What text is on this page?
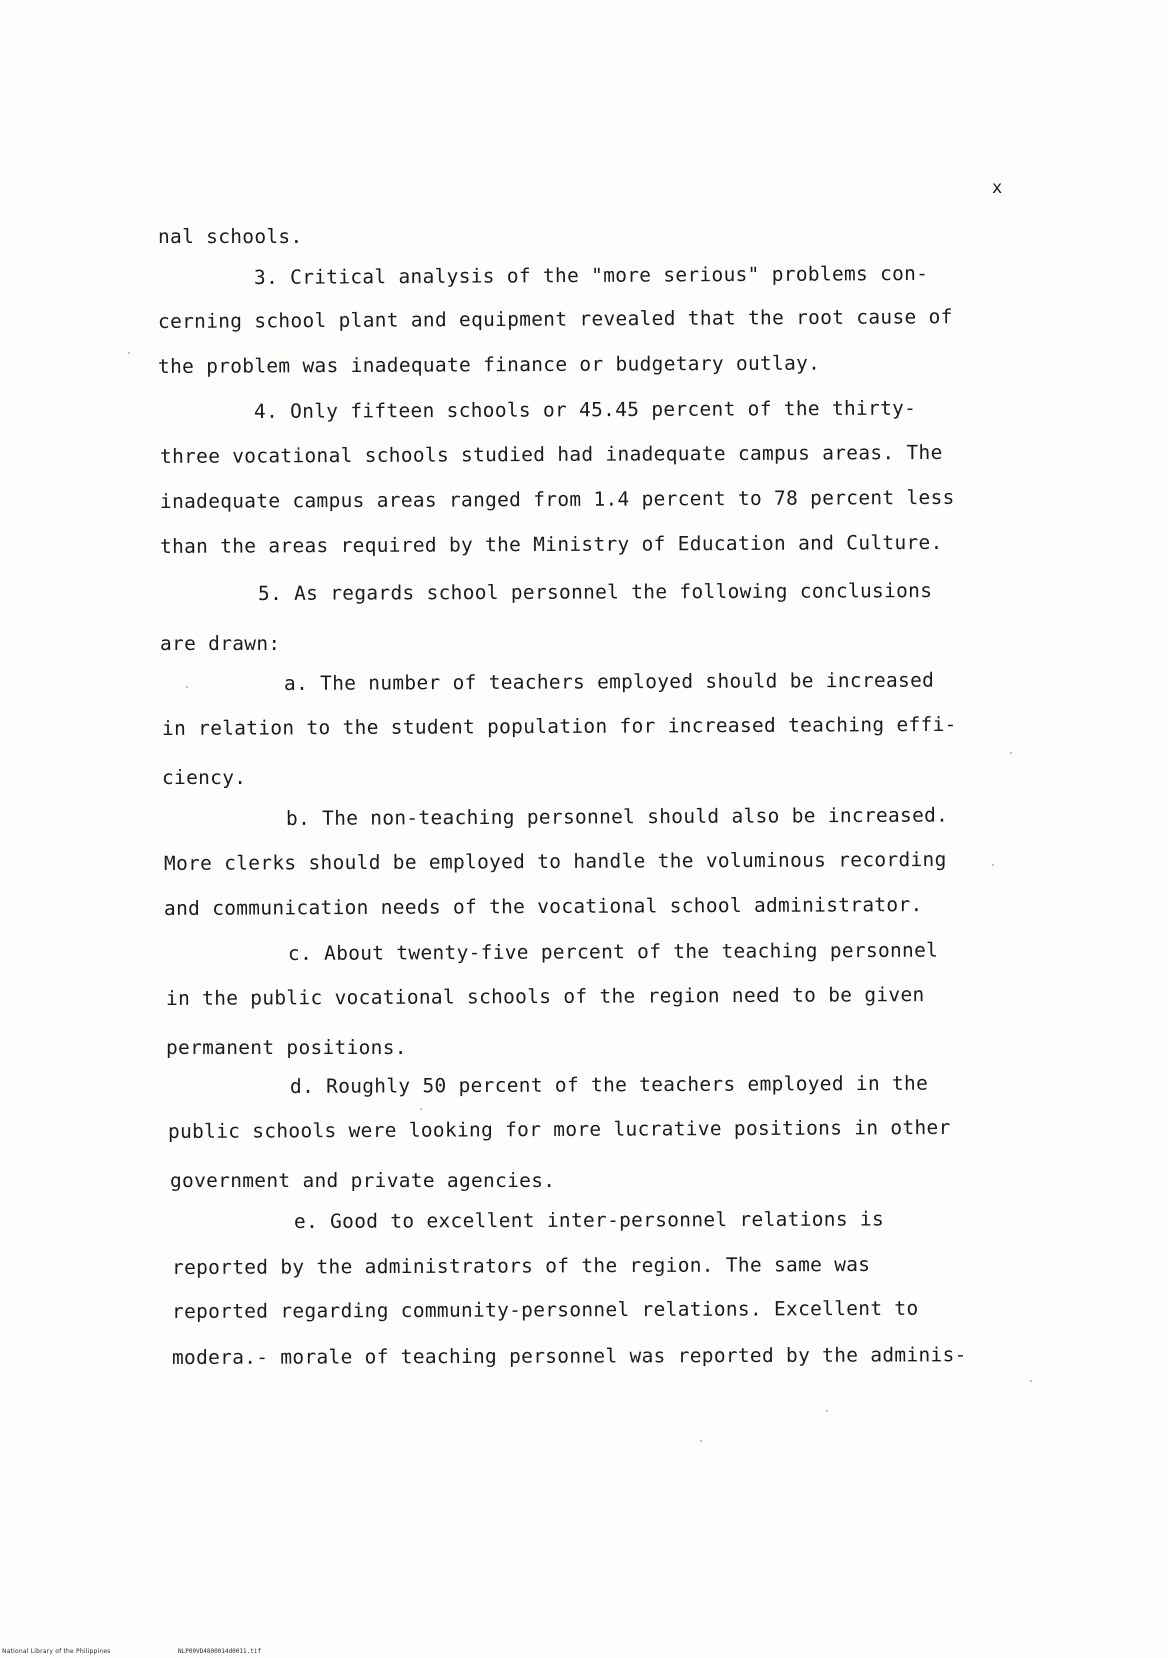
x
nal schools.
3. Critical analysis of the "more serious" problems con-
cerning school plant and equipment revealed that the root cause of
the problem was inadequate finance or budgetary outlay.
4. Only fifteen schools or 45.45 percent of the thirty-
three vocational schools studied had inadequate campus areas. The
inadequate campus areas ranged from 1.4 percent to 78 percent less
than the areas required by the Ministry of Education and Culture.
5. As regards school personnel the following conclusions
are drawn:
a. The number of teachers employed should be increased
in relation to the student population for increased teaching effi-
ciency.
b. The non-teaching personnel should also be increased.
More clerks should be employed to handle the voluminous recording
and communication needs of the vocational school administrator.
c. About twenty-five percent of the teaching personnel
in the public vocational schools of the region need to be given
permanent positions.
d. Roughly 50 percent of the teachers employed in the
public schools were looking for more lucrative positions in other
government and private agencies.
e. Good to excellent inter-personnel relations is
reported by the administrators of the region. The same was
reported regarding community-personnel relations. Excellent to
modera.- morale of teaching personnel was reported by the adminis-
National Library of the Philippines	NLP00VD4800014d0011.tif
